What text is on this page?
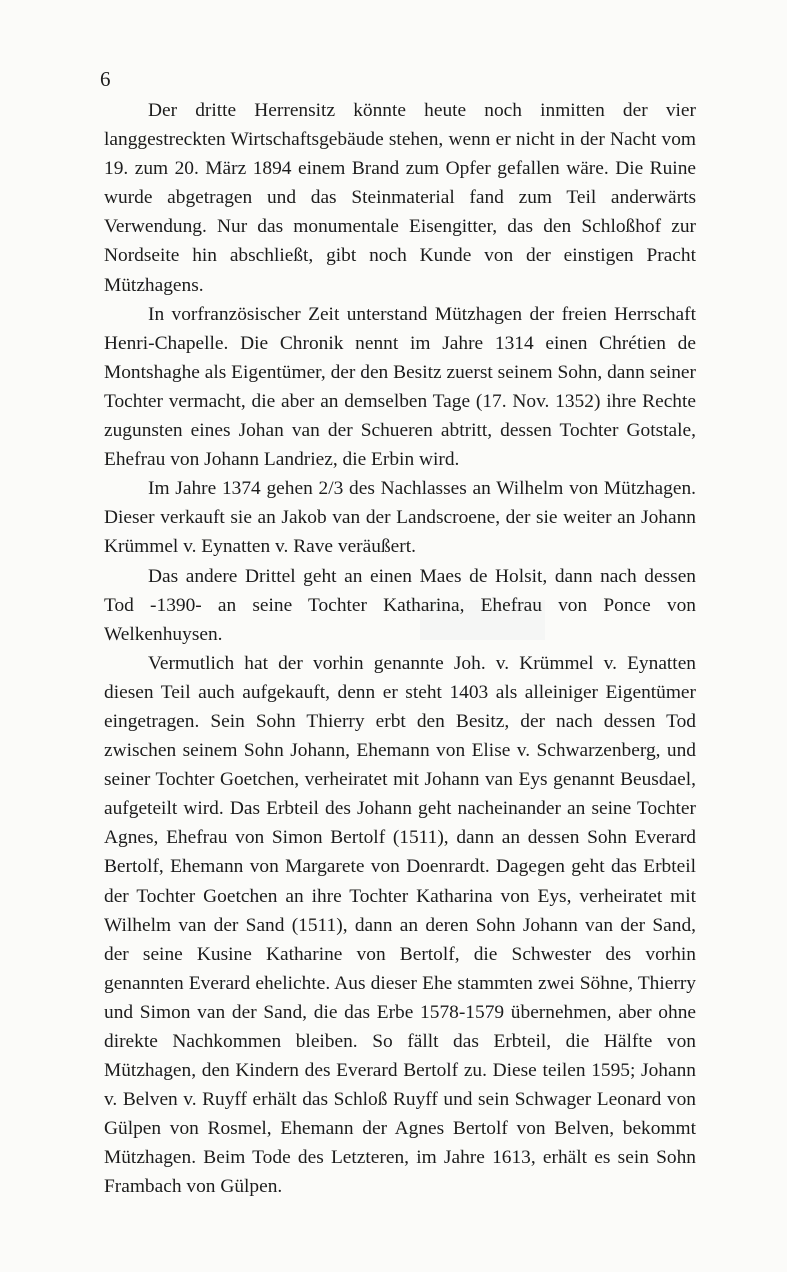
6

Der dritte Herrensitz könnte heute noch inmitten der vier langgestreckten Wirtschaftsgebäude stehen, wenn er nicht in der Nacht vom 19. zum 20. März 1894 einem Brand zum Opfer gefallen wäre. Die Ruine wurde abgetragen und das Steinmaterial fand zum Teil anderwärts Verwendung. Nur das monumentale Eisengitter, das den Schloßhof zur Nordseite hin abschließt, gibt noch Kunde von der einstigen Pracht Mützhagens.

In vorfranzösischer Zeit unterstand Mützhagen der freien Herrschaft Henri-Chapelle. Die Chronik nennt im Jahre 1314 einen Chrétien de Montshaghe als Eigentümer, der den Besitz zuerst seinem Sohn, dann seiner Tochter vermacht, die aber an demselben Tage (17. Nov. 1352) ihre Rechte zugunsten eines Johan van der Schueren abtritt, dessen Tochter Gotstale, Ehefrau von Johann Landriez, die Erbin wird.

Im Jahre 1374 gehen 2/3 des Nachlasses an Wilhelm von Mützhagen. Dieser verkauft sie an Jakob van der Landscroene, der sie weiter an Johann Krümmel v. Eynatten v. Rave veräußert.

Das andere Drittel geht an einen Maes de Holsit, dann nach dessen Tod -1390- an seine Tochter Katharina, Ehefrau von Ponce von Welkenhuysen.

Vermutlich hat der vorhin genannte Joh. v. Krümmel v. Eynatten diesen Teil auch aufgekauft, denn er steht 1403 als alleiniger Eigentümer eingetragen. Sein Sohn Thierry erbt den Besitz, der nach dessen Tod zwischen seinem Sohn Johann, Ehemann von Elise v. Schwarzenberg, und seiner Tochter Goetchen, verheiratet mit Johann van Eys genannt Beusdael, aufgeteilt wird. Das Erbteil des Johann geht nacheinander an seine Tochter Agnes, Ehefrau von Simon Bertolf (1511), dann an dessen Sohn Everard Bertolf, Ehemann von Margarete von Doenrardt. Dagegen geht das Erbteil der Tochter Goetchen an ihre Tochter Katharina von Eys, verheiratet mit Wilhelm van der Sand (1511), dann an deren Sohn Johann van der Sand, der seine Kusine Katharine von Bertolf, die Schwester des vorhin genannten Everard ehelichte. Aus dieser Ehe stammten zwei Söhne, Thierry und Simon van der Sand, die das Erbe 1578-1579 übernehmen, aber ohne direkte Nachkommen bleiben. So fällt das Erbteil, die Hälfte von Mützhagen, den Kindern des Everard Bertolf zu. Diese teilen 1595; Johann v. Belven v. Ruyff erhält das Schloß Ruyff und sein Schwager Leonard von Gülpen von Rosmel, Ehemann der Agnes Bertolf von Belven, bekommt Mützhagen. Beim Tode des Letzteren, im Jahre 1613, erhält es sein Sohn Frambach von Gülpen.
